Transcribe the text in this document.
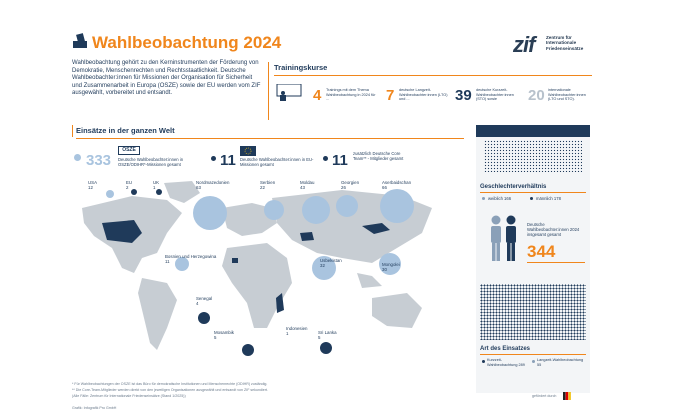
Wahlbeobachtung 2024
Wahlbeobachtung gehört zu den Kerninstrumenten der Förderung von Demokratie, Menschenrechten und Rechtsstaatlichkeit. Deutsche Wahlbeobachter:innen für Missionen der Organisation für Sicherheit und Zusammenarbeit in Europa (OSZE) sowie der EU werden vom ZIF ausgewählt, vorbereitet und entsandt.
zif	Zentrum für Internationale Friedenseinsätze
Trainingskurse
4 Trainings mit dem Thema Wahlbeobachtung in 2024 für ...	7 deutsche Langzeit-Wahlbeobachter:innen (LTO) und ...	39 deutsche Kurzzeit-Wahlbeobachter:innen (STO) sowie	20 internationale Wahlbeobachter:innen (LTO und STO).
Einsätze in der ganzen Welt
333
OSZE
Deutsche Wahlbeobachter:innen in OSZE/ODIHR*-Missionen gesamt	11 Deutsche Wahlbeobachter:innen in EU-Missionen gesamt	11 zusätzlich Deutsche Core Team** - Mitglieder gesamt
USA
12
EU
2
UK
1
Nordmazedonien
63
Serbien
22
Moldau
43
Georgien
26
Aserbaidschan
66
Bosnien und Herzegowina
11	Usbekistan
32	Mongolei
30
Senegal
4
Mosambik
5
Sri Lanka
5
Indonesien
1
Geschlechterverhältnis
weiblich 166	männlich 178
Deutsche Wahlbeobachter:innen 2024 insgesamt gesamt
344
Art des Einsatzes
Kurzzeit-Wahlbeobachtung 289
Langzeit-Wahlbeobachtung 55
* Für Wahlbeobachtungen der OSZE ist das Büro für demokratische Institutionen und Menschenrechte (ODIHR) zuständig.
** Die Core-Team-Mitglieder werden direkt von den jeweiligen Organisationen ausgewählt und entsandt von ZIF sekundiert.
(Alle Fälle: Zentrum für Internationale Friedenseinsätze (Stand 1/2025))
Grafik: Infografik Pro GmbH
gefördert durch
